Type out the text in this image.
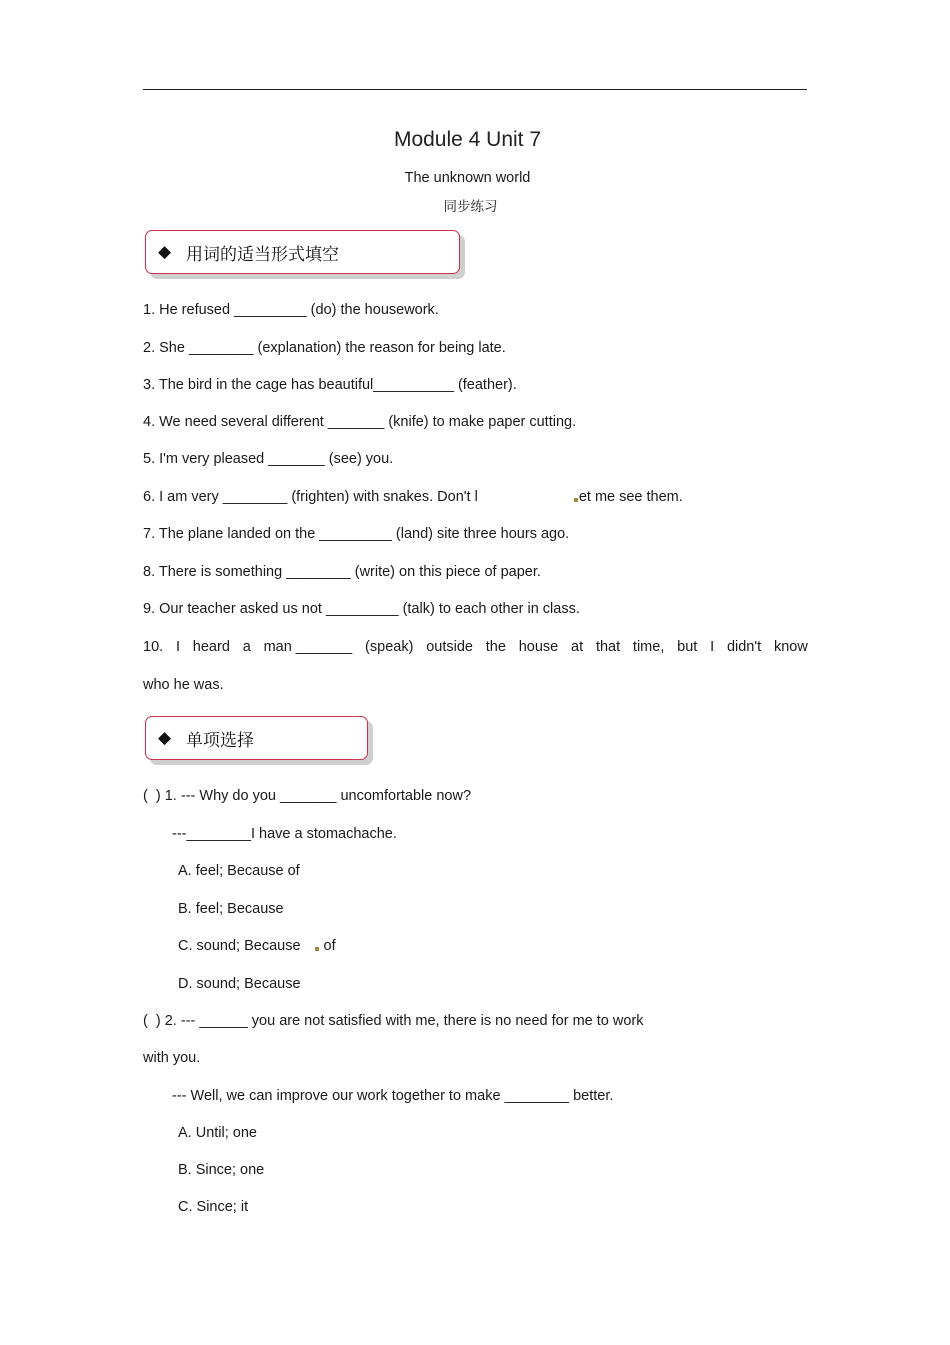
Module 4 Unit 7
The unknown world
同步练习
◆ 用词的适当形式填空
1. He refused _________ (do) the housework.
2. She ________ (explanation) the reason for being late.
3. The bird in the cage has beautiful__________ (feather).
4. We need several different _______ (knife) to make paper cutting.
5. I'm very pleased _______ (see) you.
6. I am very ________ (frighten) with snakes. Don't l	et me see them.
7. The plane landed on the _________ (land) site three hours ago.
8. There is something ________ (write) on this piece of paper.
9. Our teacher asked us not _________ (talk) to each other in class.
10. I heard a man _______ (speak) outside the house at that time, but I didn't know
who he was.
◆ 单项选择
(  ) 1. --- Why do you _______ uncomfortable now?
---________I have a stomachache.
A. feel; Because of
B. feel; Because
C. sound; Because of
D. sound; Because
(  ) 2. --- ______ you are not satisfied with me, there is no need for me to work
with you.
--- Well, we can improve our work together to make ________ better.
A. Until; one
B. Since; one
C. Since; it
